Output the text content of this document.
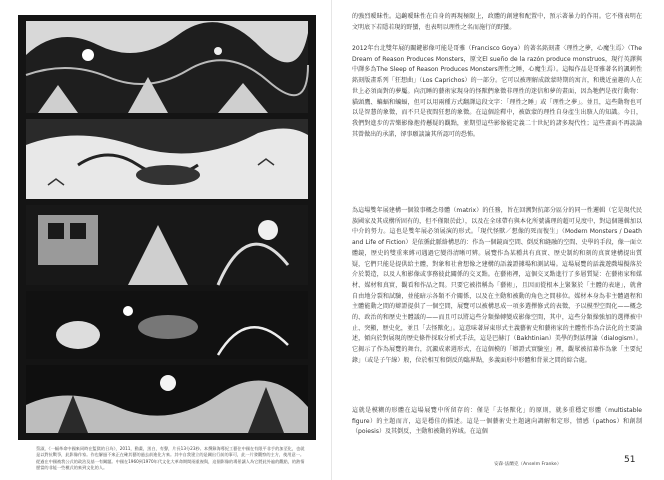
蔡淑，《一幅革命中國來同時在監獄的日為》，2011，動畫，黑白，有聲，片長13分23秒。本撰錄海導紀工藝住中國在有限平非手的加至化，也就是以對抗戰爭，此影像作家。作也解過不來正在確其藝的過去前進化方來。其中自我建立的是關出行前的事可，此一片發觀察的主方，使用意一。從過在中國被我公式的政治及基一有關題。中國在1960到1970年代文化大革命期間兩重複與，這個影像的場景讓人為它將此外遍的觀點，的熱情歷當的非能一些模式的來到文化的人。

的強烈曖昧性。這齣曖昧性在自身的再現極限上，政體的創建和配置中，預示著暴力的作用。它不僅表明在文明底下若隱若現的野蠻，也表明以理性之名而施行的野蠻。

2012年台北雙年展的關鍵影像可能是哥雅（Francisco Goya）的著名銘刻畫〈理性之夢，心魔生焉〉（The Dream of Reason Produces Monsters，原文El sueño de la razón produce monstruos，現行英譯與中譯多為The Sleep of Reason Produces Monsters理性之睡，心魔生焉）。這幅作品是哥雅著名的諷刺性銘刻版畫系列「狂想曲」（Los Caprichos）的一部分。它可以被理解成啟蒙時期的寓言，和幾近童趣的人在世上必須面對的夢魘。向沉睡的藝術家現身的怪獸們象徵非理性的迷信和夢的畫面，因為牠們是夜行動物：貓頭鷹、蝙蝠和蝙蝠，但可以用兩種方式翻譯這段文字：「理性之睡」或「理性之夢」。並且，這些動物也可以是智慧的象徵，而不只是夜間狂想的象徵。在這個詮釋中，被啟蒙的理性自身產生出駭人的知識。今日，我們對進步的苦樂影像抱持懸疑的觀點，並期望這些影像能定義二十世紀的諸多現代性；這些畫面不再談論其曾做出的承諾，卻事願談論其所認可的恐怖。

為這場雙年展建構一個敘事概念母體（matrix）的任務，旨在回溯對抗部分區分的同一性邏輯（它是現代民族國家及其成構所固有的，但不僅限於此），以及在全球帶有與本化所號滿理的超可見度中，對這個邏輯加以中介的努力。這也是雙年展必須展演的形式。「現代怪獸／想像的死而復生」（Modern Monsters / Death and Life of Fiction）是依循此脈絡構思的：作為一個鏡面空間、倒反和縫融的空間、史學的手段，像一面立體鏡，歷史的雙重來縛司遇過它變得清晰可辨。展覽作為某種共有真實、歷史制約和刻的真實建構提出質疑，它們只能是提供給主體，對象和社會想像之建構的語義證據場和測試場。這場展覽的話義遊戲場擬落於介於製造，以及人和影像或事務彼此關係的交叉點。在藝術裡，這個交叉點進行了多層質疑：在藝術家和媒材、媒材和真實，觀看和作品之間。只要它被指稱為「藝術」，且因而從根本上緊緊於「主體的表達」，就會自由地分裂和試驗，並能暗示各類不介關係，以及在主動和被動的角色之間移位。媒材本身為非主體過程和主體能動之間的辯證提供了一個空間，展覽可以被構思成一項多選擇修式的表徵，予以模型空間化——概念的、政治的和歷史主體議的——而且可以將這些分類操轉變成影像空間，其中，這些分類操強加的選擇被中止、突顯，歷史化，並且「去怪獸化」。這意味著屏東形式主義藝術史和藝術家的主體性作為合法化的主要論述，傾向於對展現的歷史條件採取分析式手法，這是巴赫汀（Bakhtinian）美學的對話理論（dialogism）。它揭示了作為展覽的舞台，沉澱成素週形式，在這個模的「辯證式實驗室」裡，觀眾被招募作為象「主要紀錄」（或是子午線）般，位於相互和倒反的臨界點，多義面形中形體和背景之間的綜合處。

這就是模糊的形體在這場展覽中所留存的：僅是「去怪獸化」的原則，就多重穩定形體（multistable figure）的主題而言，這是穩佳的描述。這是一個藝術史主題適向調解和定形，情感（pathos）和創制（poiesis）及其倒反，主動和被動的界域。在這個

安森·法蘭克（Anselm Franke）	51
